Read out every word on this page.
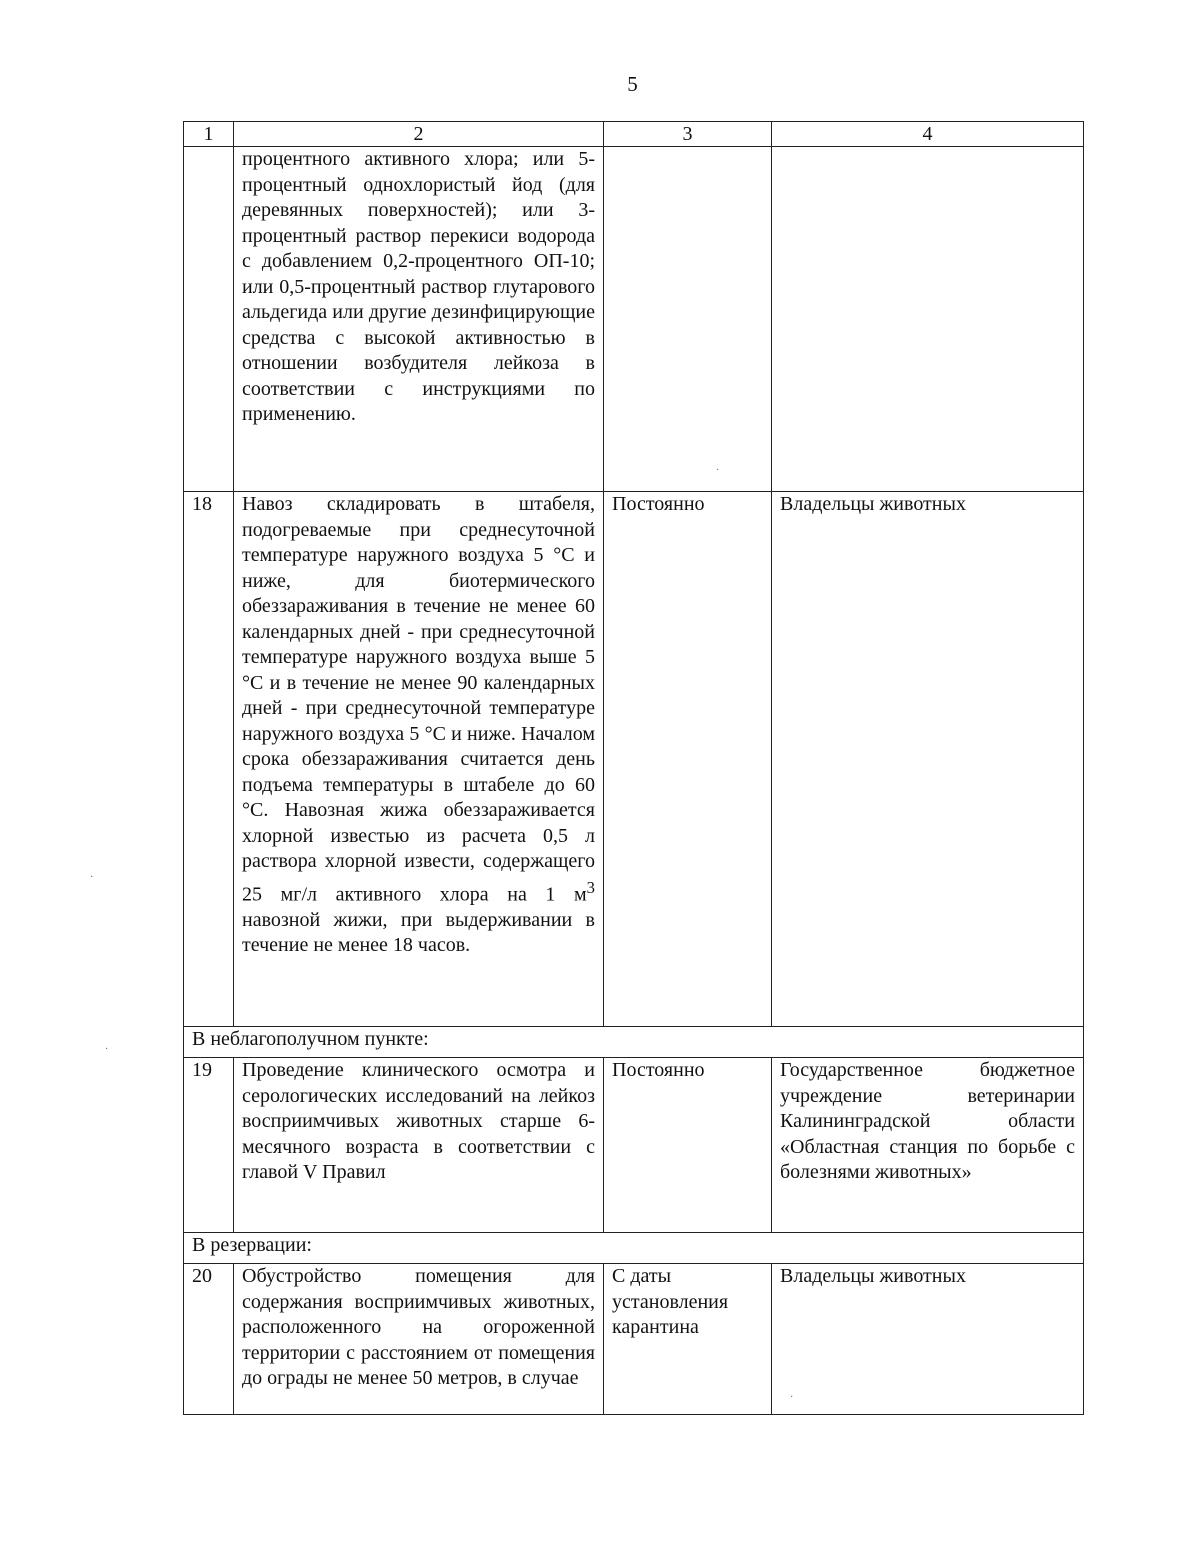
5
1	2	3	4
	процентного активного хлора; или 5-процентный однохлористый йод (для деревянных поверхностей); или 3-процентный раствор перекиси водорода с добавлением 0,2-процентного ОП-10; или 0,5-процентный раствор глутарового альдегида или другие дезинфицирующие средства с высокой активностью в отношении возбудителя лейкоза в соответствии с инструкциями по применению.		
18	Навоз складировать в штабеля, подогреваемые при среднесуточной температуре наружного воздуха 5 °С и ниже, для биотермического обеззараживания в течение не менее 60 календарных дней - при среднесуточной температуре наружного воздуха выше 5 °С и в течение не менее 90 календарных дней - при среднесуточной температуре наружного воздуха 5 °С и ниже. Началом срока обеззараживания считается день подъема температуры в штабеле до 60 °С. Навозная жижа обеззараживается хлорной известью из расчета 0,5 л раствора хлорной извести, содержащего 25 мг/л активного хлора на 1 $м^3$ навозной жижи, при выдерживании в течение не менее 18 часов.	Постоянно	Владельцы животных
В неблагополучном пункте:			
19	Проведение клинического осмотра и серологических исследований на лейкоз восприимчивых животных старше 6-месячного возраста в соответствии с главой V Правил	Постоянно	Государственное бюджетное учреждение ветеринарии Калининградской области «Областная станция по борьбе с болезнями животных»
В резервации:			
20	Обустройство помещения для содержания восприимчивых животных, расположенного на огороженной территории с расстоянием от помещения до ограды не менее 50 метров, в случае	С даты установления карантина	Владельцы животных
·
·
·
·
